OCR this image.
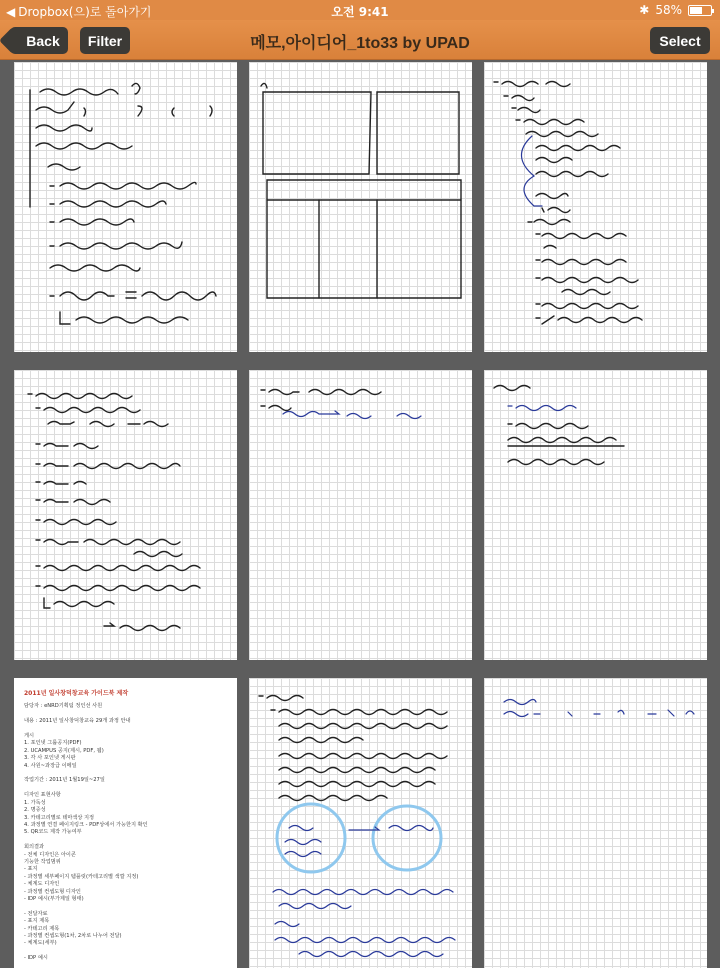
◀ Dropbox(으)로 돌아가기	오전 9:41	✱ 58%
Back Filter	메모,아이디어_1to33 by UPAD	Select
2011년 일사창덕창교육 가이드북 제작
담당자 : eNRD기획팀 정인선 사원

내용 : 2011년 일사창덕창교육 29개 과정 안내

게시
1. 포인넷 그룹공지(PDF)
2. UCAMPUS 공지(제시, PDF, 웹)
3. 각 사 포인넷 게시판
4. 사원~과장급 이메일

작업기간 : 2011년 1월19일~27일

디자인 표현사항
1. 가독성
2. 명증성
3. 카테고리별로 테마색상 지정
4. 과정별 연결 페이지링크 - PDF상에서 가능한지 확인
5. QR코드 제작 가능여부

회의결과
- 전체 디자인은 아이콘
기능한 작업범위
- 표지
- 과정별 세부페이지 템플릿(카테고리별 색깔 지정)
- 체계도 디자인
- 과정별 컨셉도형 디자인
- IDP 예시(부가제일 형태)

- 전달자료
- 표지 제목
- 카테고리 제목
- 과정별 컨셉도형(1차, 2차로 나누어 전달)
- 체계도(세부)

- IDP 예시
